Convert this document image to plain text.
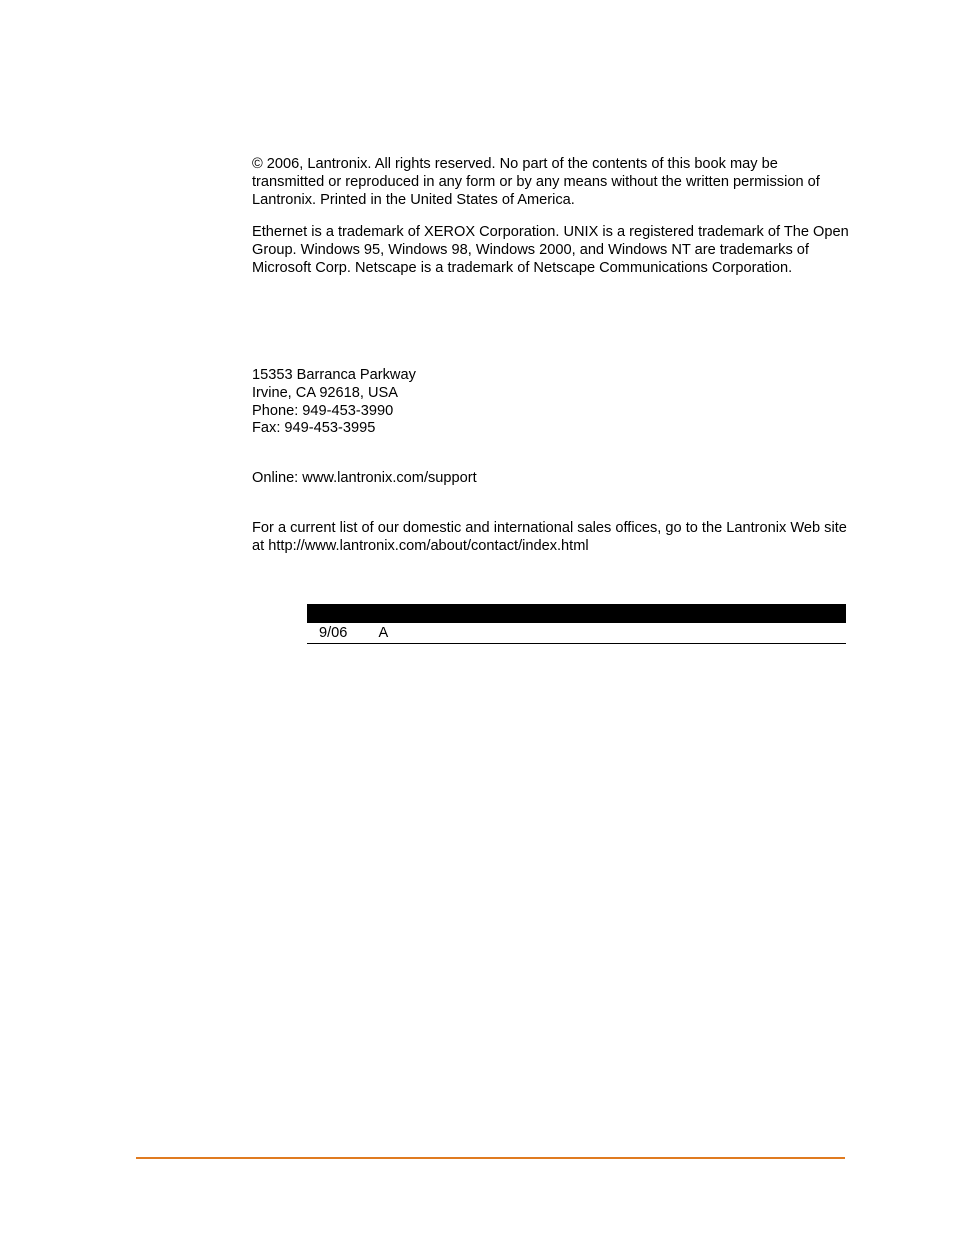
© 2006, Lantronix. All rights reserved. No part of the contents of this book may be transmitted or reproduced in any form or by any means without the written permission of Lantronix. Printed in the United States of America.

Ethernet is a trademark of XEROX Corporation. UNIX is a registered trademark of The Open Group. Windows 95, Windows 98, Windows 2000, and Windows NT are trademarks of Microsoft Corp. Netscape is a trademark of Netscape Communications Corporation.

15353 Barranca Parkway

Irvine, CA 92618, USA

Phone: 949-453-3990

Fax: 949-453-3995

Online: www.lantronix.com/support

For a current list of our domestic and international sales offices, go to the Lantronix Web site at http://www.lantronix.com/about/contact/index.html

9/06	A	
